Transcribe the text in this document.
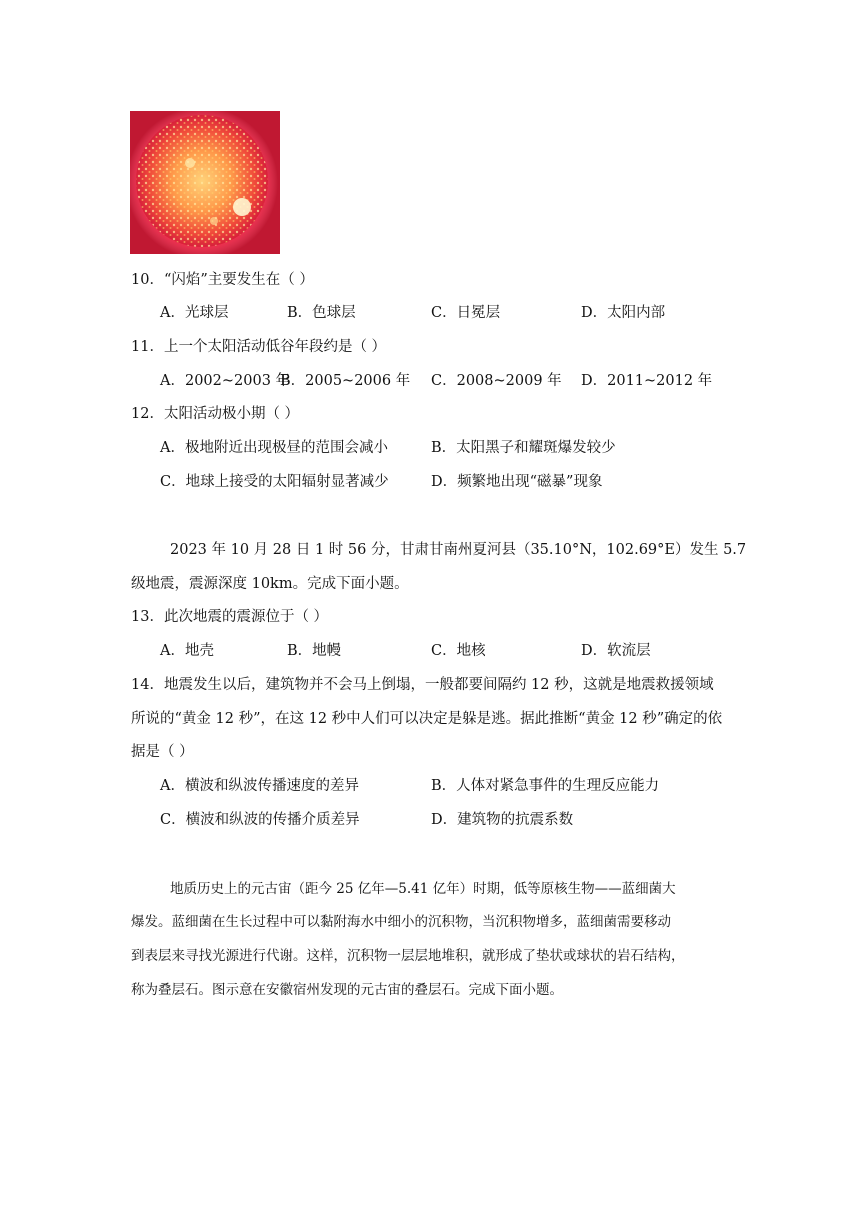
10．“闪焰”主要发生在（ ）
A．光球层	B．色球层	C．日冕层	D．太阳内部
11．上一个太阳活动低谷年段约是（ ）
A．2002~2003 年
B．2005~2006 年 C．2008~2009 年 D．2011~2012 年
12．太阳活动极小期（ ）
A．极地附近出现极昼的范围会减小	B．太阳黑子和耀斑爆发较少
C．地球上接受的太阳辐射显著减少	D．频繁地出现“磁暴”现象
2023 年 10 月 28 日 1 时 56 分，甘肃甘南州夏河县（35.10°N，102.69°E）发生 5.7
级地震，震源深度 10km。完成下面小题。
13．此次地震的震源位于（ ）
A．地壳	B．地幔	C．地核	D．软流层
14．地震发生以后，建筑物并不会马上倒塌，一般都要间隔约 12 秒，这就是地震救援领域
所说的“黄金 12 秒”，在这 12 秒中人们可以决定是躲是逃。据此推断“黄金 12 秒”确定的依
据是（ ）
A．横波和纵波传播速度的差异	B．人体对紧急事件的生理反应能力
C．横波和纵波的传播介质差异	D．建筑物的抗震系数
地质历史上的元古宙（距今 25 亿年—5.41 亿年）时期，低等原核生物——蓝细菌大
爆发。蓝细菌在生长过程中可以黏附海水中细小的沉积物，当沉积物增多，蓝细菌需要移动
到表层来寻找光源进行代谢。这样，沉积物一层层地堆积，就形成了垫状或球状的岩石结构，
称为叠层石。图示意在安徽宿州发现的元古宙的叠层石。完成下面小题。
